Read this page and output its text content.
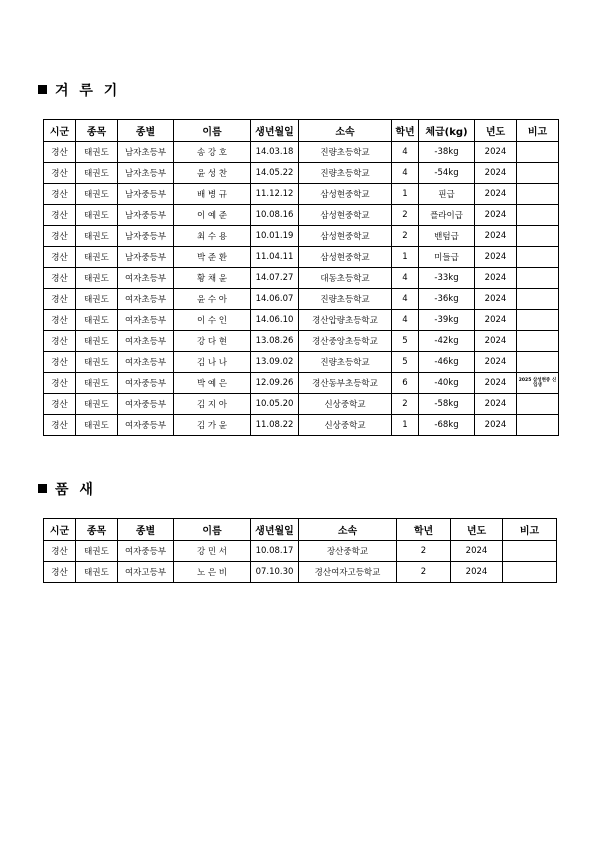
겨 루 기
시군	종목	종별	이름	생년월일	소속	학년	체급(kg)	년도	비고
경산	태권도	남자초등부	송 강 호	14.03.18	진량초등학교	4	-38kg	2024	
경산	태권도	남자초등부	윤 성 찬	14.05.22	진량초등학교	4	-54kg	2024	
경산	태권도	남자중등부	배 병 규	11.12.12	삼성현중학교	1	핀급	2024	
경산	태권도	남자중등부	이 예 준	10.08.16	삼성현중학교	2	플라이급	2024	
경산	태권도	남자중등부	최 수 용	10.01.19	삼성현중학교	2	밴텀급	2024	
경산	태권도	남자중등부	박 준 환	11.04.11	삼성현중학교	1	미들급	2024	
경산	태권도	여자초등부	황 채 윤	14.07.27	대동초등학교	4	-33kg	2024	
경산	태권도	여자초등부	윤 수 아	14.06.07	진량초등학교	4	-36kg	2024	
경산	태권도	여자초등부	이 수 인	14.06.10	경산압량초등학교	4	-39kg	2024	
경산	태권도	여자초등부	강 다 현	13.08.26	경산중앙초등학교	5	-42kg	2024	
경산	태권도	여자초등부	김 나 나	13.09.02	진량초등학교	5	-46kg	2024	
경산	태권도	여자중등부	박 예 은	12.09.26	경산동부초등학교	6	-40kg	2024	2025 삼성현중 신입생

경산	태권도	여자중등부	김 지 아	10.05.20	신상중학교	2	-58kg	2024	
경산	태권도	여자중등부	김 가 윤	11.08.22	신상중학교	1	-68kg	2024	
품 새
시군	종목	종별	이름	생년월일	소속	학년	년도	비고
경산	태권도	여자중등부	강 민 서	10.08.17	장산중학교	2	2024	
경산	태권도	여자고등부	노 은 비	07.10.30	경산여자고등학교	2	2024	
